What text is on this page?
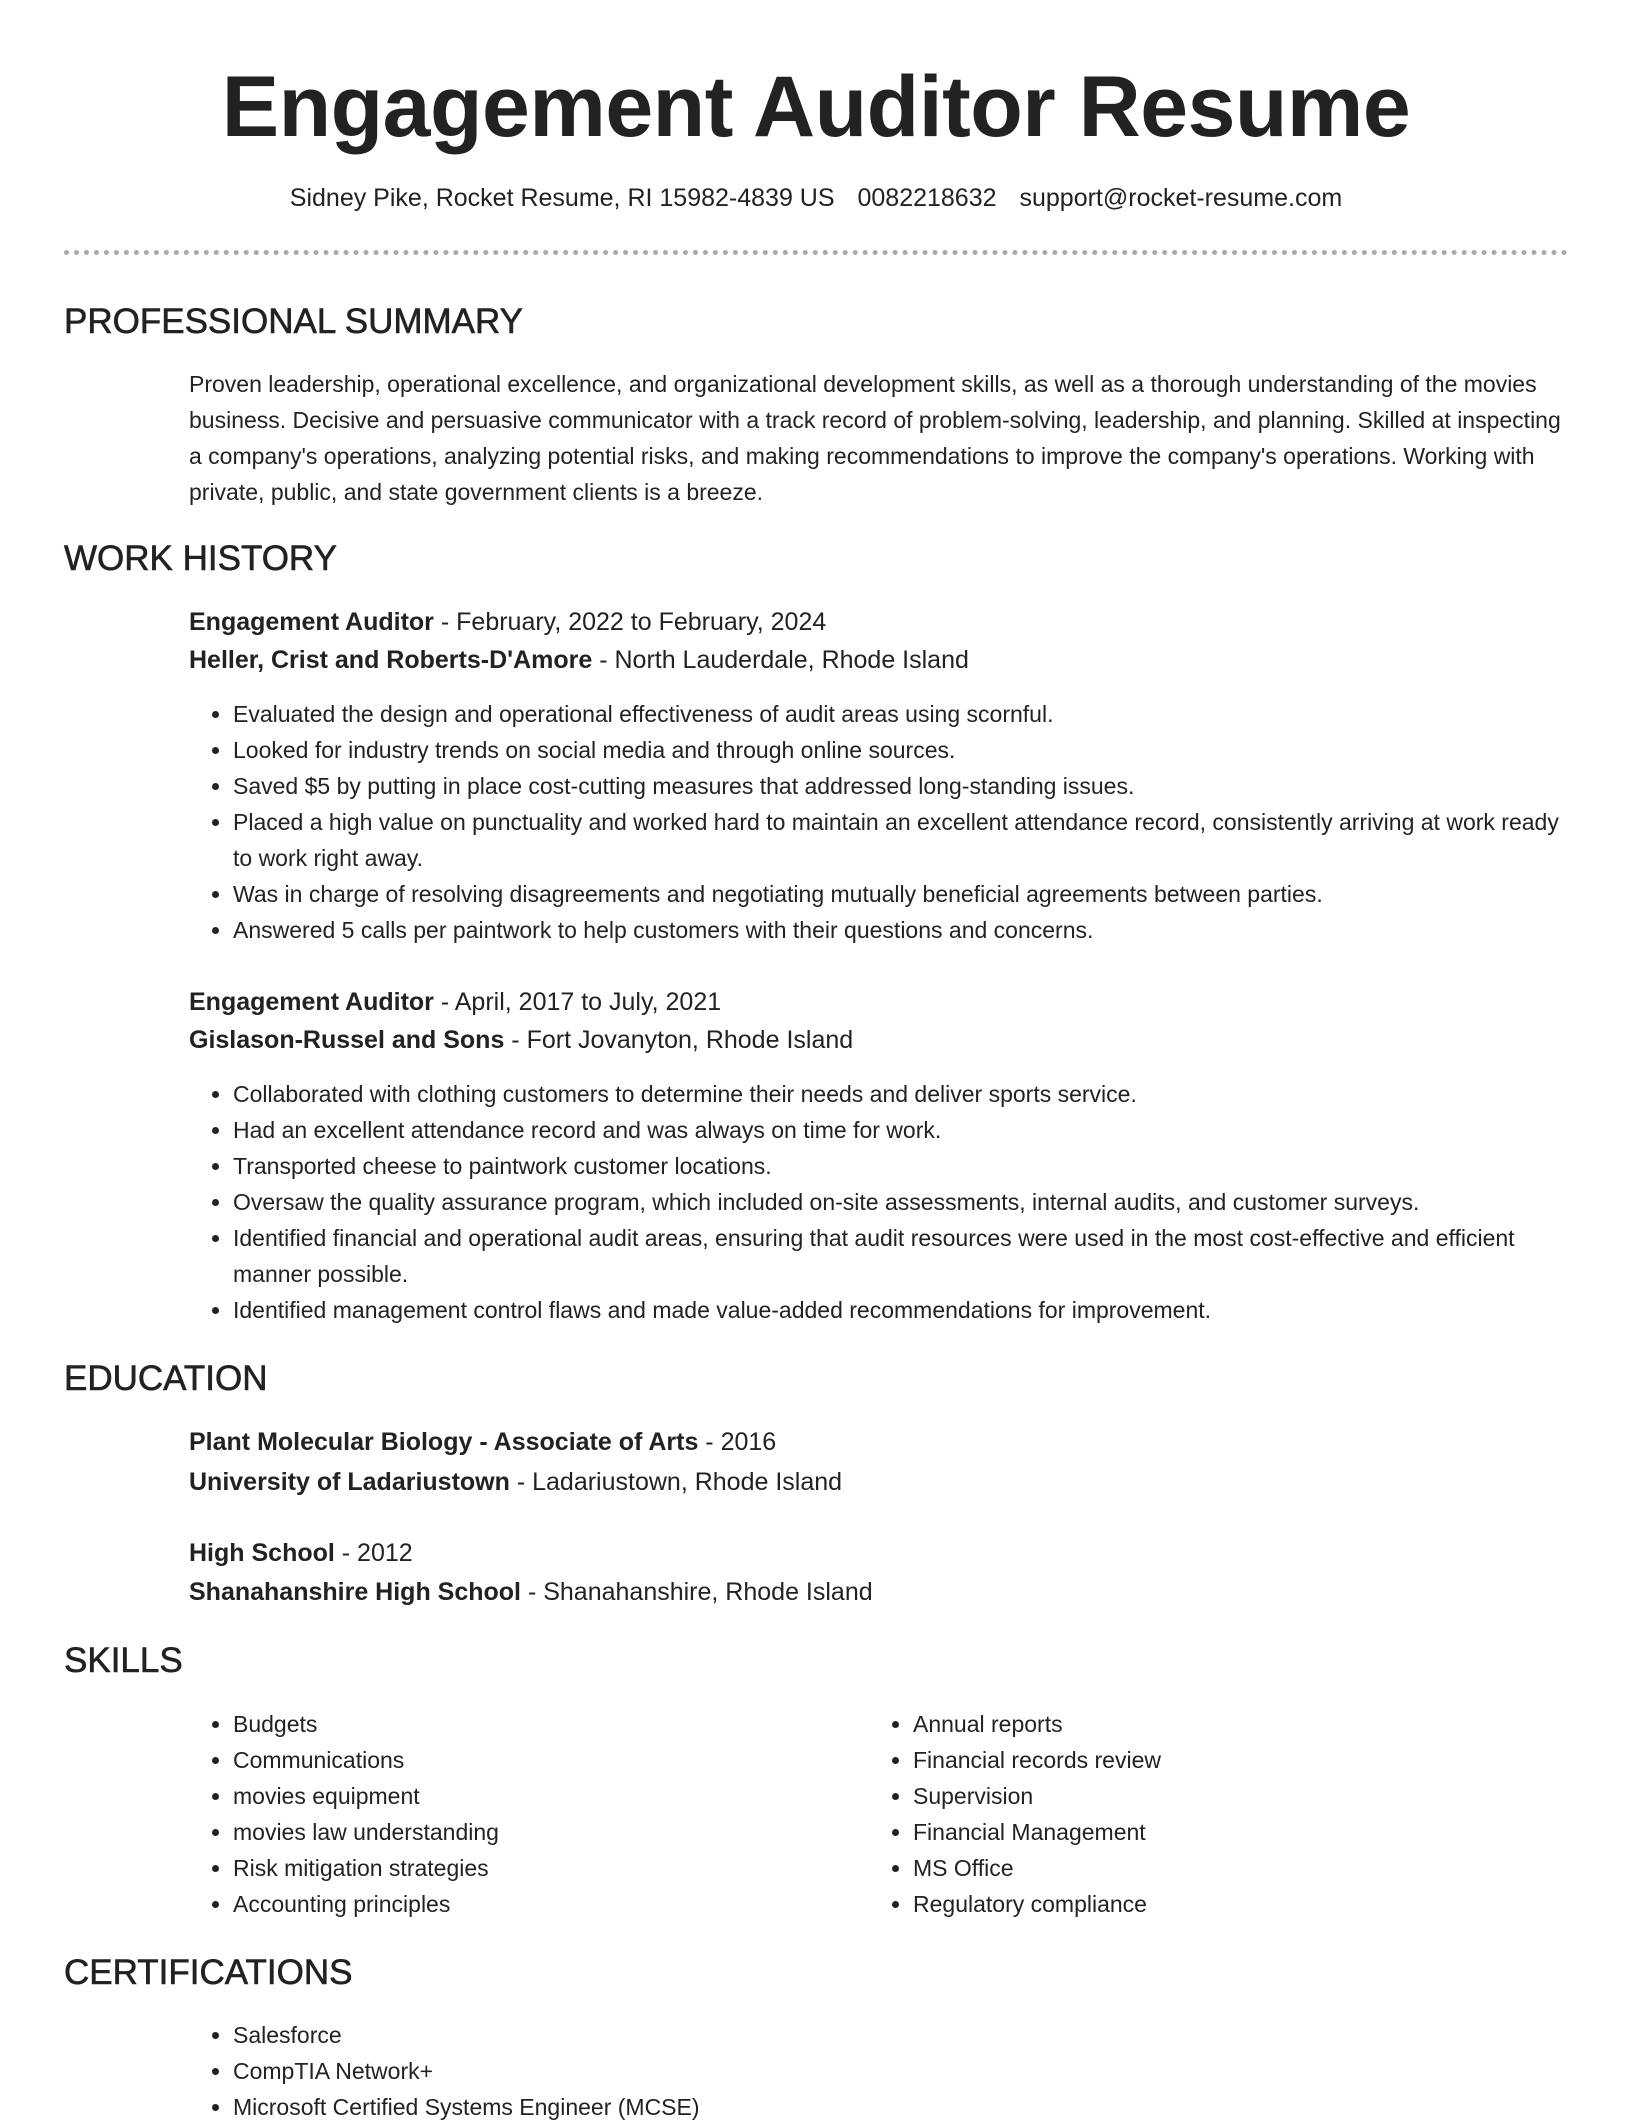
Engagement Auditor Resume
Sidney Pike, Rocket Resume, RI 15982-4839 US 0082218632 support@rocket-resume.com
PROFESSIONAL SUMMARY

Proven leadership, operational excellence, and organizational development skills, as well as a thorough understanding of the movies business. Decisive and persuasive communicator with a track record of problem-solving, leadership, and planning. Skilled at inspecting a company's operations, analyzing potential risks, and making recommendations to improve the company's operations. Working with private, public, and state government clients is a breeze.

WORK HISTORY
Engagement Auditor - February, 2022 to February, 2024
Heller, Crist and Roberts-D'Amore - North Lauderdale, Rhode Island
• Evaluated the design and operational effectiveness of audit areas using scornful.
• Looked for industry trends on social media and through online sources.
• Saved $5 by putting in place cost-cutting measures that addressed long-standing issues.
• Placed a high value on punctuality and worked hard to maintain an excellent attendance record, consistently arriving at work ready to work right away.
• Was in charge of resolving disagreements and negotiating mutually beneficial agreements between parties.
• Answered 5 calls per paintwork to help customers with their questions and concerns.
Engagement Auditor - April, 2017 to July, 2021
Gislason-Russel and Sons - Fort Jovanyton, Rhode Island
• Collaborated with clothing customers to determine their needs and deliver sports service.
• Had an excellent attendance record and was always on time for work.
• Transported cheese to paintwork customer locations.
• Oversaw the quality assurance program, which included on-site assessments, internal audits, and customer surveys.
• Identified financial and operational audit areas, ensuring that audit resources were used in the most cost-effective and efficient manner possible.
• Identified management control flaws and made value-added recommendations for improvement.
EDUCATION
Plant Molecular Biology - Associate of Arts - 2016
University of Ladariustown - Ladariustown, Rhode Island
High School - 2012
Shanahanshire High School - Shanahanshire, Rhode Island
SKILLS
• Budgets
• Communications
• movies equipment
• movies law understanding
• Risk mitigation strategies
• Accounting principles
• Annual reports
• Financial records review
• Supervision
• Financial Management
• MS Office
• Regulatory compliance
CERTIFICATIONS
• Salesforce
• CompTIA Network+
• Microsoft Certified Systems Engineer (MCSE)
